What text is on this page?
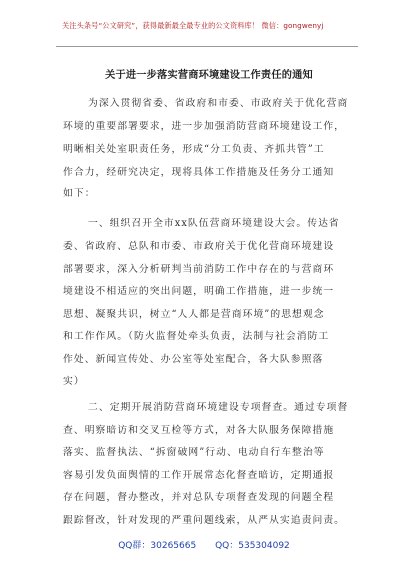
关注头条号“公文研究”，获得最新最全最专业的公文资料库！ 微信：gongwenyj
关于进一步落实营商环境建设工作责任的通知
为深入贯彻省委、省政府和市委、市政府关于优化营商
环境的重要部署要求，进一步加强消防营商环境建设工作，
明晰相关处室职责任务，形成“分工负责、齐抓共管”工
作合力，经研究决定，现将具体工作措施及任务分工通知
如下：
一、组织召开全市xx队伍营商环境建设大会。传达省
委、省政府、总队和市委、市政府关于优化营商环境建设
部署要求，深入分析研判当前消防工作中存在的与营商环
境建设不相适应的突出问题，明确工作措施，进一步统一
思想、凝聚共识，树立“人人都是营商环境”的思想观念
和工作作风。（防火监督处牵头负责，法制与社会消防工
作处、新闻宣传处、办公室等处室配合，各大队参照落
实）
二、定期开展消防营商环境建设专项督查。通过专项督
查、明察暗访和交叉互检等方式，对各大队服务保障措施
落实、监督执法、“拆窗破网”行动、电动自行车整治等
容易引发负面舆情的工作开展常态化督查暗访，定期通报
存在问题，督办整改，并对总队专项督查发现的问题全程
跟踪督改，针对发现的严重问题线索，从严从实追责问责。
QQ群：30265665 QQ：535304092
